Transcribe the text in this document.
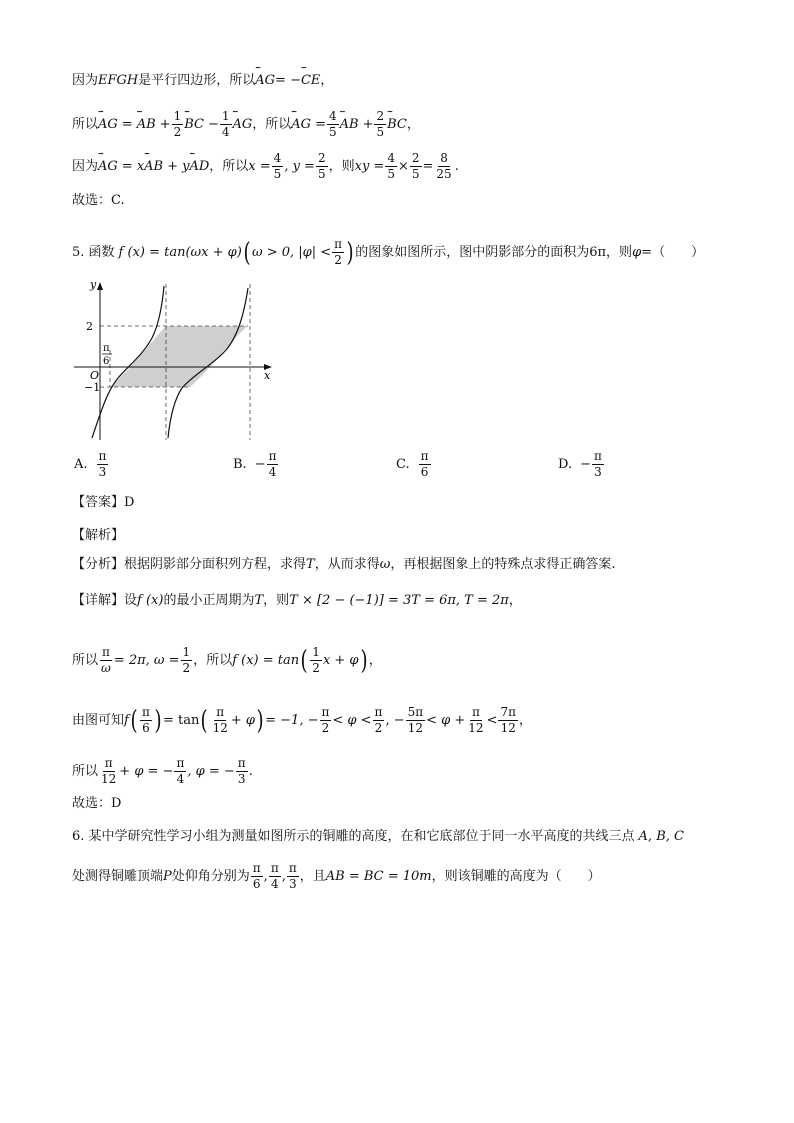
因为 EFGH 是平行四边形，所以 ꞏꞏꞏꞏ AG = − ꞏꞏꞏꞏ CE ，
所以 ꞏꞏꞏꞏ AG = ꞏꞏꞏꞏ AB + $\frac{1}{2}$ ꞏꞏꞏꞏ BC − $\frac{1}{4}$ ꞏꞏꞏꞏ AG ，所以 ꞏꞏꞏꞏ AG = $\frac{4}{5}$ ꞏꞏꞏꞏ AB + $\frac{2}{5}$ ꞏꞏꞏꞏ BC ，
因为 ꞏꞏꞏꞏ AG = x ꞏꞏꞏꞏ AB + y ꞏꞏꞏꞏ AD ，所以 $x = \frac{4}{5}$ , $y = \frac{2}{5}$ ，则 xy = $\frac{4}{5} \times \frac{2}{5} = \frac{8}{25}$ .
故选：C.
5. 函数 f (x) = tan(ωx + φ) ( ω > 0, $|\varphi| < \frac{\pi}{2}$ ) 的图象如图所示，图中阴影部分的面积为 6π ，则 φ =（　　）
y
x
O
2
−1
π
6
A. $\frac{\pi}{3}$	B. − $\frac{\pi}{4}$	C. $\frac{\pi}{6}$	D. − $\frac{\pi}{3}$
【答案】D
【解析】
【分析】根据阴影部分面积列方程，求得 T ，从而求得 ω ，再根据图象上的特殊点求得正确答案.
【详解】设 f (x) 的最小正周期为 T ，则 T × [2 − (−1)] = 3T = 6π, T = 2π ，
所以 $\frac{\pi}{\omega} = 2\pi$, $\omega = \frac{1}{2}$ ，所以 f (x) = tan ( $\frac{1}{2}$ x + φ ) ，
由图可知 f ( $\frac{\pi}{6}$ ) = tan ( $\frac{\pi}{12} + \varphi$ ) = −1, − $\frac{\pi}{2} < \varphi < \frac{\pi}{2}$ , − $\frac{5\pi}{12} < \varphi + \frac{\pi}{12} < \frac{7\pi}{12}$ ，
所以 $\frac{\pi}{12} + \varphi$ = − $\frac{\pi}{4}$ , φ = − $\frac{\pi}{3}$ .
故选：D
6. 某中学研究性学习小组为测量如图所示的铜雕的高度，在和它底部位于同一水平高度的共线三点 A, B, C
处测得铜雕顶端 P 处仰角分别为 $\frac{\pi}{6}$ , $\frac{\pi}{4}$ , $\frac{\pi}{3}$ ，且 AB = BC = 10m ，则该铜雕的高度为（　　）
